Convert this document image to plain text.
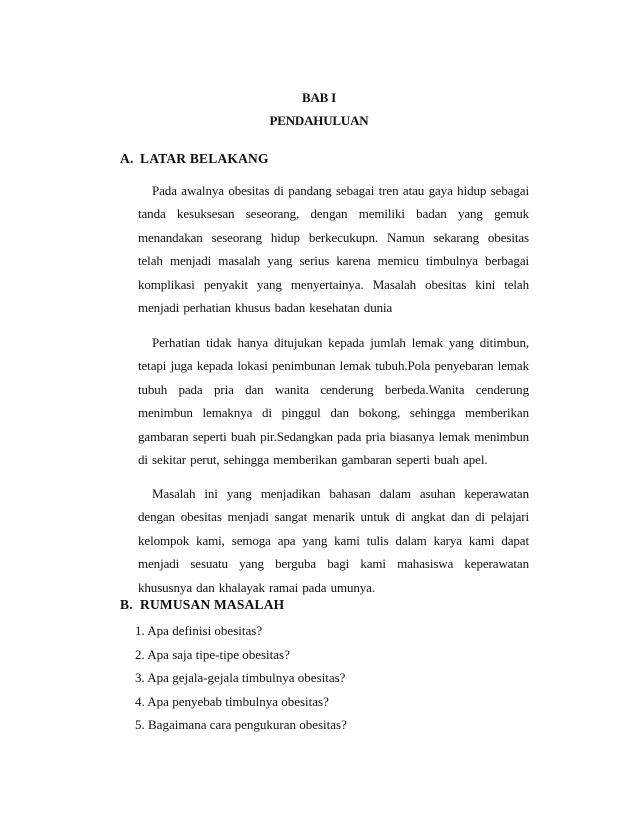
BAB I
PENDAHULUAN
A. LATAR BELAKANG

Pada awalnya obesitas di pandang sebagai tren atau gaya hidup sebagai tanda kesuksesan seseorang, dengan memiliki badan yang gemuk menandakan seseorang hidup berkecukupn. Namun sekarang obesitas telah menjadi masalah yang serius karena memicu timbulnya berbagai komplikasi penyakit yang menyertainya. Masalah obesitas kini telah menjadi perhatian khusus badan kesehatan dunia

Perhatian tidak hanya ditujukan kepada jumlah lemak yang ditimbun, tetapi juga kepada lokasi penimbunan lemak tubuh.Pola penyebaran lemak tubuh pada pria dan wanita cenderung berbeda.Wanita cenderung menimbun lemaknya di pinggul dan bokong, sehingga memberikan gambaran seperti buah pir.Sedangkan pada pria biasanya lemak menimbun di sekitar perut, sehingga memberikan gambaran seperti buah apel.

Masalah ini yang menjadikan bahasan dalam asuhan keperawatan dengan obesitas menjadi sangat menarik untuk di angkat dan di pelajari kelompok kami, semoga apa yang kami tulis dalam karya kami dapat menjadi sesuatu yang berguba bagi kami mahasiswa keperawatan khususnya dan khalayak ramai pada umunya.

B. RUMUSAN MASALAH
1. Apa definisi obesitas?
2. Apa saja tipe-tipe obesitas?
3. Apa gejala-gejala timbulnya obesitas?
4. Apa penyebab timbulnya obesitas?
5. Bagaimana cara pengukuran obesitas?
